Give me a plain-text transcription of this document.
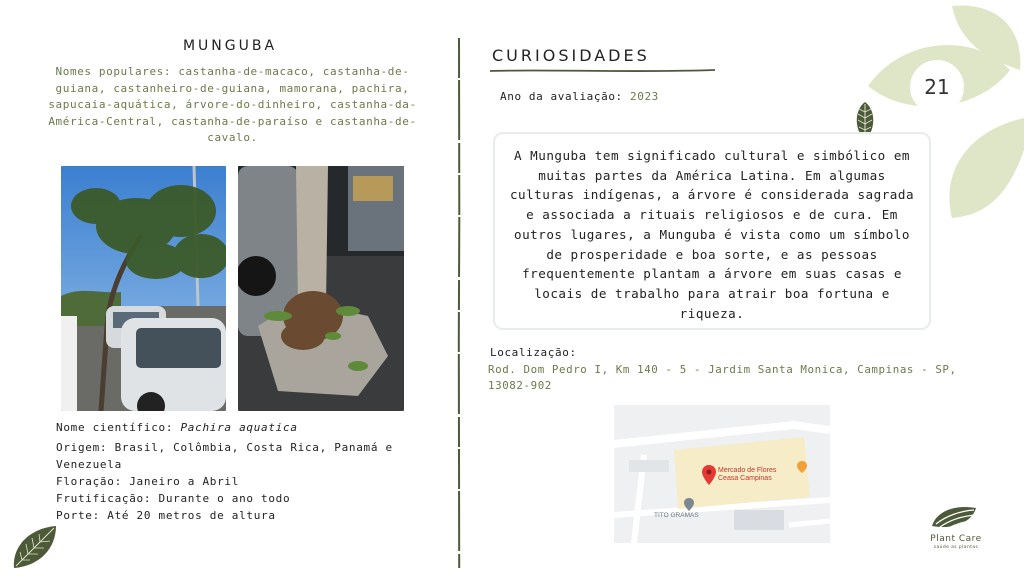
21
MUNGUBA
Nomes populares: castanha-de-macaco, castanha-de-guiana, castanheiro-de-guiana, mamorana, pachira, sapucaia-aquática, árvore-do-dinheiro, castanha-da-América-Central, castanha-de-paraíso e castanha-de-cavalo.
Nome científico: Pachira aquatica
Origem: Brasil, Colômbia, Costa Rica, Panamá e Venezuela
Floração: Janeiro a Abril
Frutificação: Durante o ano todo
Porte: Até 20 metros de altura
CURIOSIDADES
Ano da avaliação: 2023
A Munguba tem significado cultural e simbólico em muitas partes da América Latina. Em algumas culturas indígenas, a árvore é considerada sagrada e associada a rituais religiosos e de cura. Em outros lugares, a Munguba é vista como um símbolo de prosperidade e boa sorte, e as pessoas frequentemente plantam a árvore em suas casas e locais de trabalho para atrair boa fortuna e riqueza.
Localização:
Rod. Dom Pedro I, Km 140 - 5 - Jardim Santa Monica, Campinas - SP, 13082-902
Mercado de Flores
Ceasa Campinas
TITO GRAMAS
Plant Care
saúde as plantas
